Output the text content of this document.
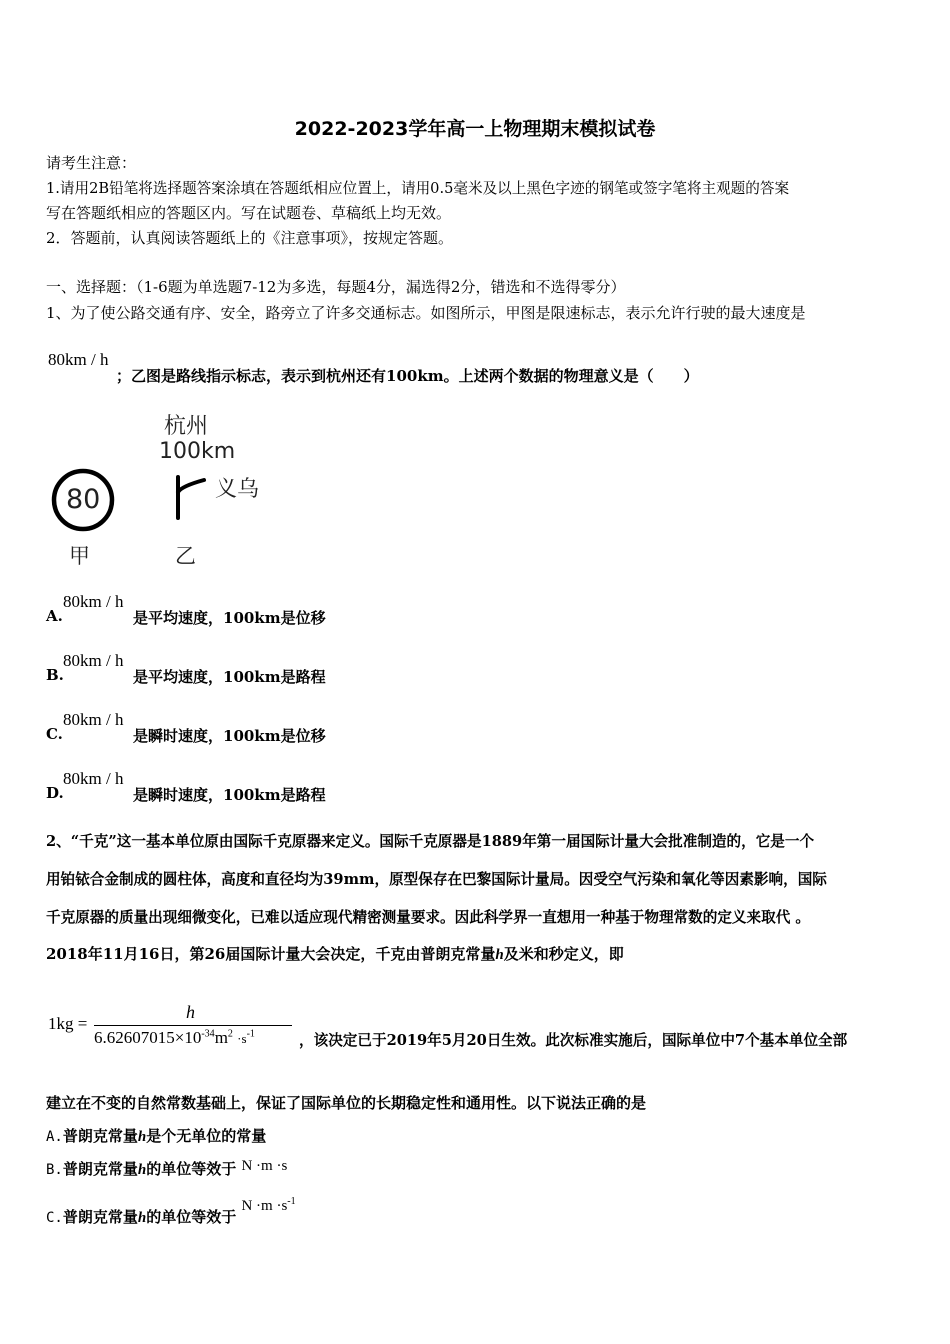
2022-2023学年高一上物理期末模拟试卷
请考生注意：
1.请用2B铅笔将选择题答案涂填在答题纸相应位置上，请用0.5毫米及以上黑色字迹的钢笔或签字笔将主观题的答案
写在答题纸相应的答题区内。写在试题卷、草稿纸上均无效。
2．答题前，认真阅读答题纸上的《注意事项》，按规定答题。
一、选择题：（1-6题为单选题7-12为多选，每题4分，漏选得2分，错选和不选得零分）
1、为了使公路交通有序、安全，路旁立了许多交通标志。如图所示，甲图是限速标志，表示允许行驶的最大速度是
80km / h
；乙图是路线指示标志，表示到杭州还有100km。上述两个数据的物理意义是（　　）
80
甲
杭州
100km
义乌
乙
A.
80km / h
是平均速度，100km是位移
B.
80km / h
是平均速度，100km是路程
C.
80km / h
是瞬时速度，100km是位移
D.
80km / h
是瞬时速度，100km是路程
2、“千克”这一基本单位原由国际千克原器来定义。国际千克原器是1889年第一届国际计量大会批准制造的，它是一个
用铂铱合金制成的圆柱体，高度和直径均为39mm，原型保存在巴黎国际计量局。因受空气污染和氧化等因素影响，国际
千克原器的质量出现细微变化，已难以适应现代精密测量要求。因此科学界一直想用一种基于物理常数的定义来取代 。
2018年11月16日，第26届国际计量大会决定，千克由普朗克常量h及米和秒定义，即
1kg =
h
$6.62607015\times 10^{-34}m^2 \cdot s^{-1}$	，该决定已于2019年5月20日生效。此次标准实施后，国际单位中7个基本单位全部
建立在不变的自然常数基础上，保证了国际单位的长期稳定性和通用性。以下说法正确的是
A.普朗克常量h是个无单位的常量
B.普朗克常量h的单位等效于 N ·m ·s
C.普朗克常量h的单位等效于 $N \cdot m \cdot s^{-1}$
